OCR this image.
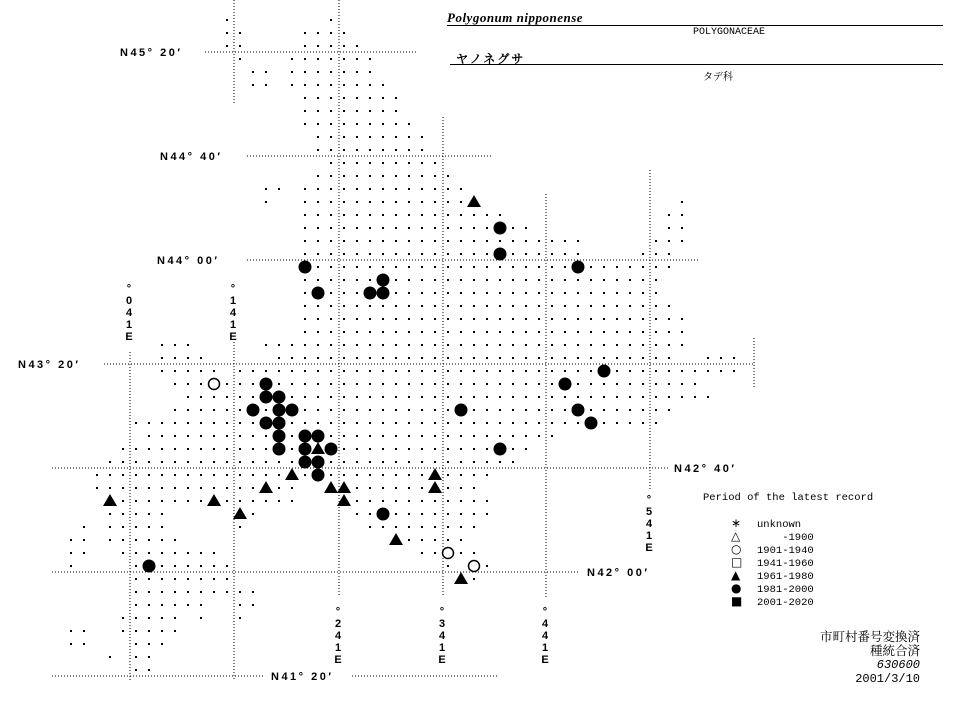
N45° 20′
N44° 40′
N44° 00′
N43° 20′
N42° 40′
N42° 00′
N41° 20′
°
0
4
1
E
°
1
4
1
E
°
2
4
1
E
°
3
4
1
E
°
4
4
1
E
°
5
4
1
E
Polygonum nipponense
POLYGONACEAE
ヤノネグサ
タデ科
Period of the latest record
∗ unknown
△    -1900
○ 1901-1940
□ 1941-1960
▲ 1961-1980
● 1981-2000
■ 2001-2020
市町村番号変換済
種統合済
630600
2001/3/10
